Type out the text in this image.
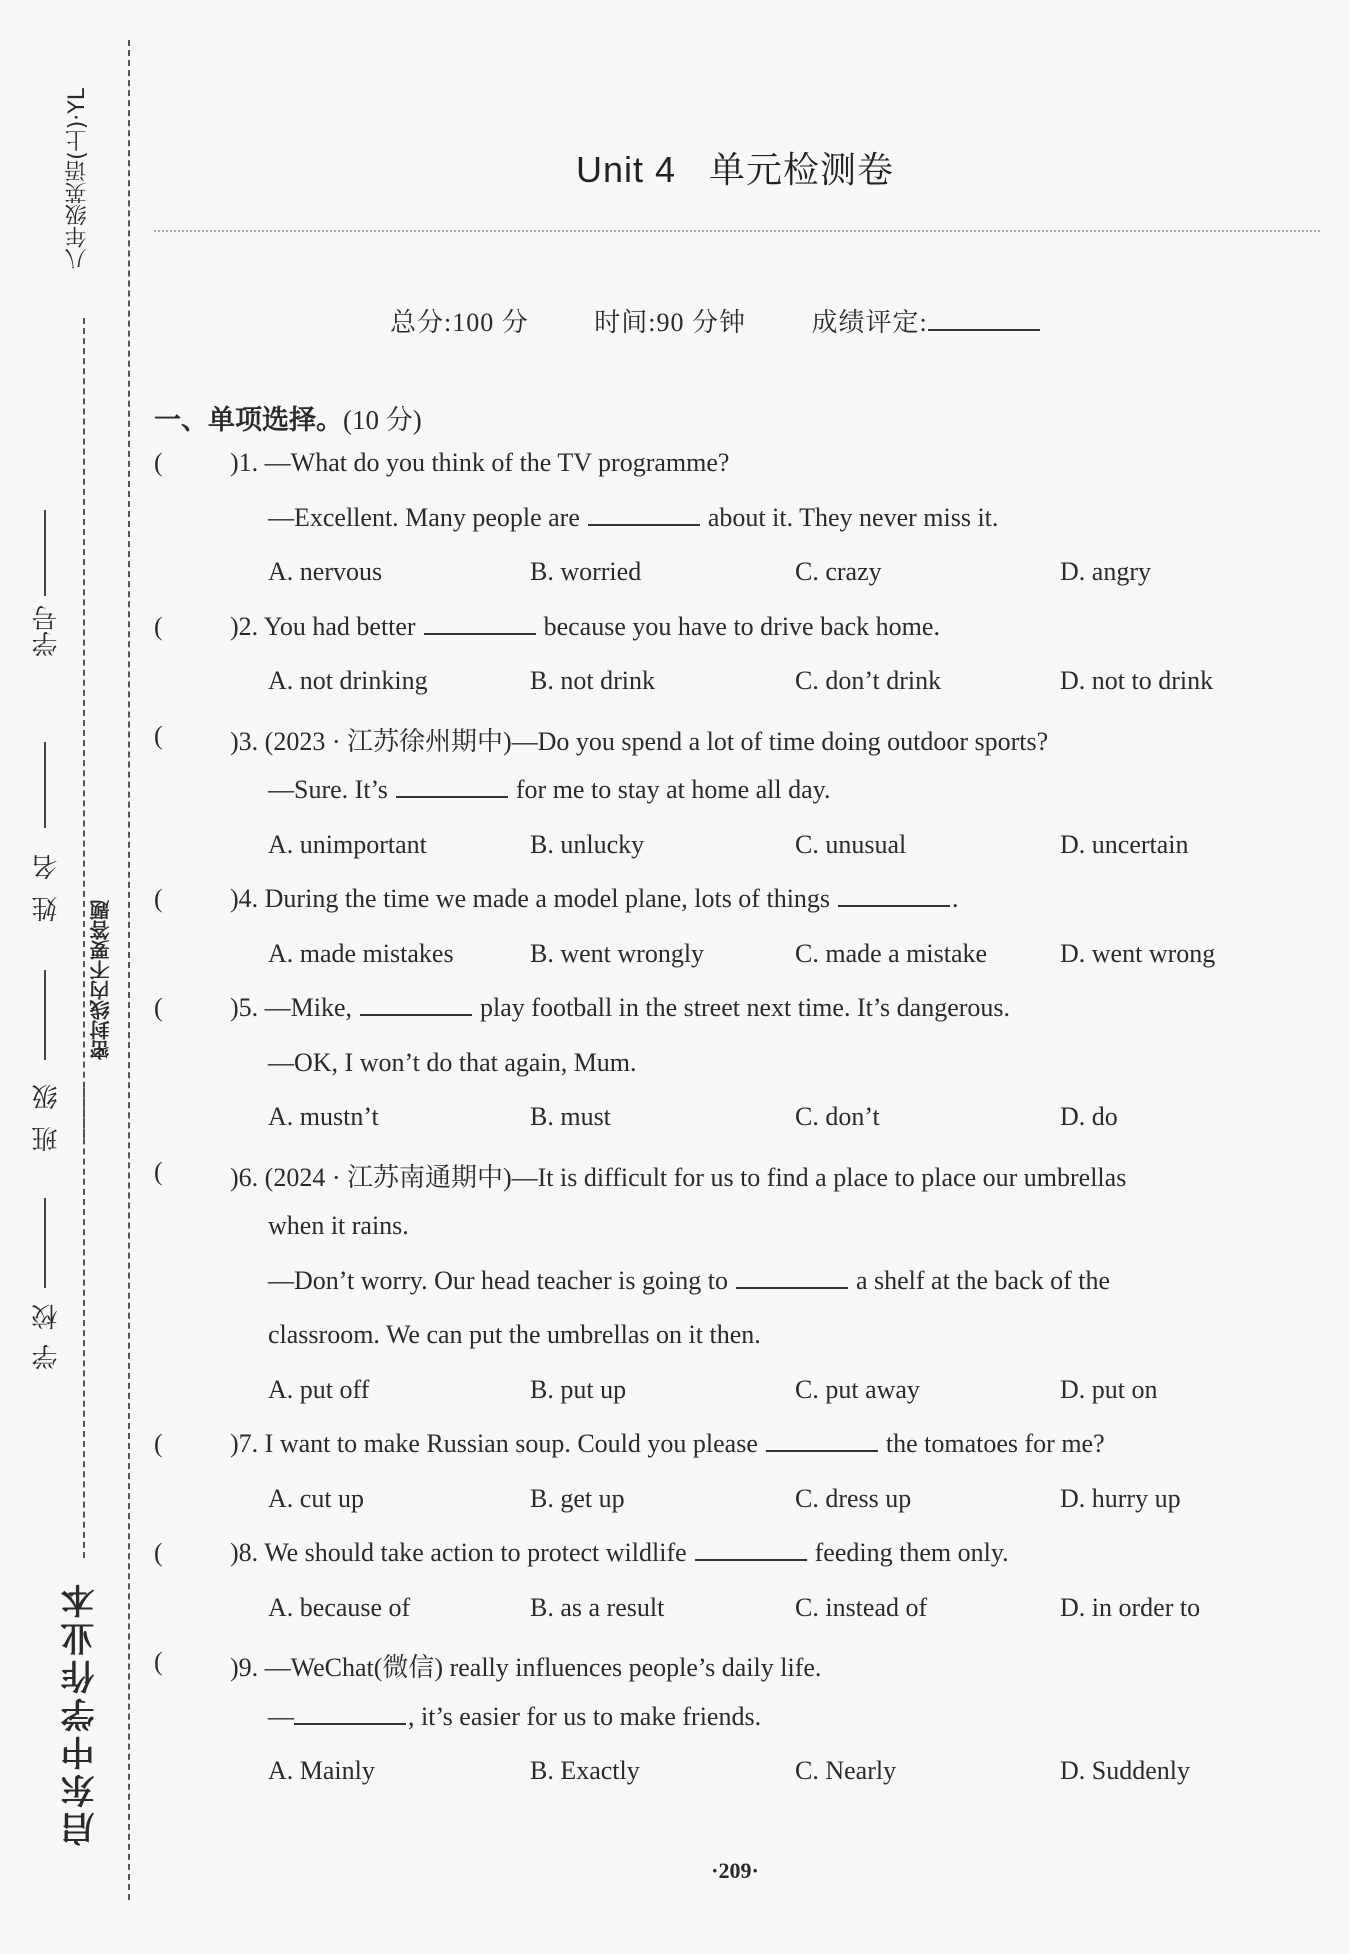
八年级英语(上)·YL
学号
姓名
密封线内不要答题
班级
学校
启东中学作业本
Unit 4   单元检测卷
总分:100 分	时间:90 分钟	成绩评定:
一、单项选择。(10 分)
(	)1. —What do you think of the TV programme?
—Excellent. Many people are	about it. They never miss it.
A. nervous	B. worried	C. crazy	D. angry
(	)2. You had better	because you have to drive back home.
A. not drinking	B. not drink	C. don’t drink	D. not to drink
(	)3. (2023 · 江苏徐州期中)—Do you spend a lot of time doing outdoor sports?
—Sure. It’s	for me to stay at home all day.
A. unimportant	B. unlucky	C. unusual	D. uncertain
(	)4. During the time we made a model plane, lots of things	.
A. made mistakes	B. went wrongly	C. made a mistake	D. went wrong
(	)5. —Mike,	play football in the street next time. It’s dangerous.
—OK, I won’t do that again, Mum.
A. mustn’t	B. must	C. don’t	D. do
(	)6. (2024 · 江苏南通期中)—It is difficult for us to find a place to place our umbrellas
when it rains.
—Don’t worry. Our head teacher is going to	a shelf at the back of the
classroom. We can put the umbrellas on it then.
A. put off	B. put up	C. put away	D. put on
(	)7. I want to make Russian soup. Could you please	the tomatoes for me?
A. cut up	B. get up	C. dress up	D. hurry up
(	)8. We should take action to protect wildlife	feeding them only.
A. because of	B. as a result	C. instead of	D. in order to
(	)9. —WeChat(微信) really influences people’s daily life.
—	, it’s easier for us to make friends.
A. Mainly	B. Exactly	C. Nearly	D. Suddenly
·209·
